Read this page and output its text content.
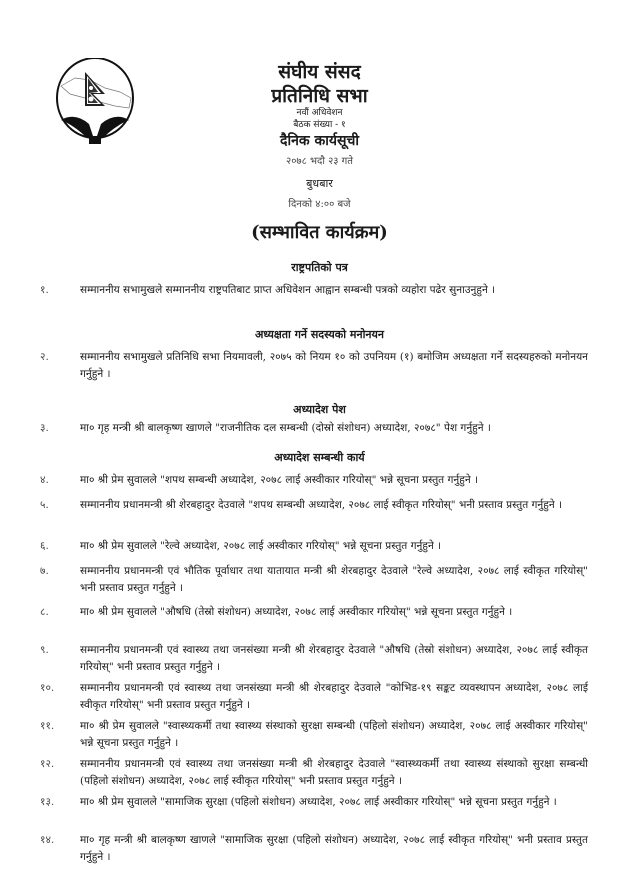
संघीय संसद
प्रतिनिधि सभा
नवौं अधिवेशन
बैठक संख्या - १
दैनिक कार्यसूची
२०७८ भदौ २३ गते
बुधबार
दिनको ४:०० बजे
(सम्भावित कार्यक्रम)
राष्ट्रपतिको पत्र
१.	सम्माननीय सभामुखले सम्माननीय राष्ट्रपतिबाट प्राप्त अधिवेशन आह्वान सम्बन्धी पत्रको व्यहोरा पढेर सुनाउनुहुने ।
अध्यक्षता गर्ने सदस्यको मनोनयन
२.	सम्माननीय सभामुखले प्रतिनिधि सभा नियमावली, २०७५ को नियम १० को उपनियम (१) बमोजिम अध्यक्षता गर्ने सदस्यहरुको मनोनयन गर्नुहुने ।
अध्यादेश पेश
३.	मा० गृह मन्त्री श्री बालकृष्ण खाणले "राजनीतिक दल सम्बन्धी (दोस्रो संशोधन) अध्यादेश, २०७८" पेश गर्नुहुने ।
अध्यादेश सम्बन्धी कार्य
४.	मा० श्री प्रेम सुवालले "शपथ सम्बन्धी अध्यादेश, २०७८ लाई अस्वीकार गरियोस्" भन्ने सूचना प्रस्तुत गर्नुहुने ।
५.	सम्माननीय प्रधानमन्त्री श्री शेरबहादुर देउवाले "शपथ सम्बन्धी अध्यादेश, २०७८ लाई स्वीकृत गरियोस्" भनी प्रस्ताव प्रस्तुत गर्नुहुने ।
६.	मा० श्री प्रेम सुवालले "रेल्वे अध्यादेश, २०७८ लाई अस्वीकार गरियोस्" भन्ने सूचना प्रस्तुत गर्नुहुने ।
७.	सम्माननीय प्रधानमन्त्री एवं भौतिक पूर्वाधार तथा यातायात मन्त्री श्री शेरबहादुर देउवाले "रेल्वे अध्यादेश, २०७८ लाई स्वीकृत गरियोस्" भनी प्रस्ताव प्रस्तुत गर्नुहुने ।
८.	मा० श्री प्रेम सुवालले "औषधि (तेस्रो संशोधन) अध्यादेश, २०७८ लाई अस्वीकार गरियोस्" भन्ने सूचना प्रस्तुत गर्नुहुने ।
९.	सम्माननीय प्रधानमन्त्री एवं स्वास्थ्य तथा जनसंख्या मन्त्री श्री शेरबहादुर देउवाले "औषधि (तेस्रो संशोधन) अध्यादेश, २०७८ लाई स्वीकृत गरियोस्" भनी प्रस्ताव प्रस्तुत गर्नुहुने ।
१०. सम्माननीय प्रधानमन्त्री एवं स्वास्थ्य तथा जनसंख्या मन्त्री श्री शेरबहादुर देउवाले "कोभिड-१९ सङ्कट व्यवस्थापन अध्यादेश, २०७८ लाई स्वीकृत गरियोस्" भनी प्रस्ताव प्रस्तुत गर्नुहुने ।
११. मा० श्री प्रेम सुवालले "स्वास्थ्यकर्मी तथा स्वास्थ्य संस्थाको सुरक्षा सम्बन्धी (पहिलो संशोधन) अध्यादेश, २०७८ लाई अस्वीकार गरियोस्" भन्ने सूचना प्रस्तुत गर्नुहुने ।
१२. सम्माननीय प्रधानमन्त्री एवं स्वास्थ्य तथा जनसंख्या मन्त्री श्री शेरबहादुर देउवाले "स्वास्थ्यकर्मी तथा स्वास्थ्य संस्थाको सुरक्षा सम्बन्धी (पहिलो संशोधन) अध्यादेश, २०७८ लाई स्वीकृत गरियोस्" भनी प्रस्ताव प्रस्तुत गर्नुहुने ।
१३. मा० श्री प्रेम सुवालले "सामाजिक सुरक्षा (पहिलो संशोधन) अध्यादेश, २०७८ लाई अस्वीकार गरियोस्" भन्ने सूचना प्रस्तुत गर्नुहुने ।
१४. मा० गृह मन्त्री श्री बालकृष्ण खाणले "सामाजिक सुरक्षा (पहिलो संशोधन) अध्यादेश, २०७८ लाई स्वीकृत गरियोस्" भनी प्रस्ताव प्रस्तुत गर्नुहुने ।
